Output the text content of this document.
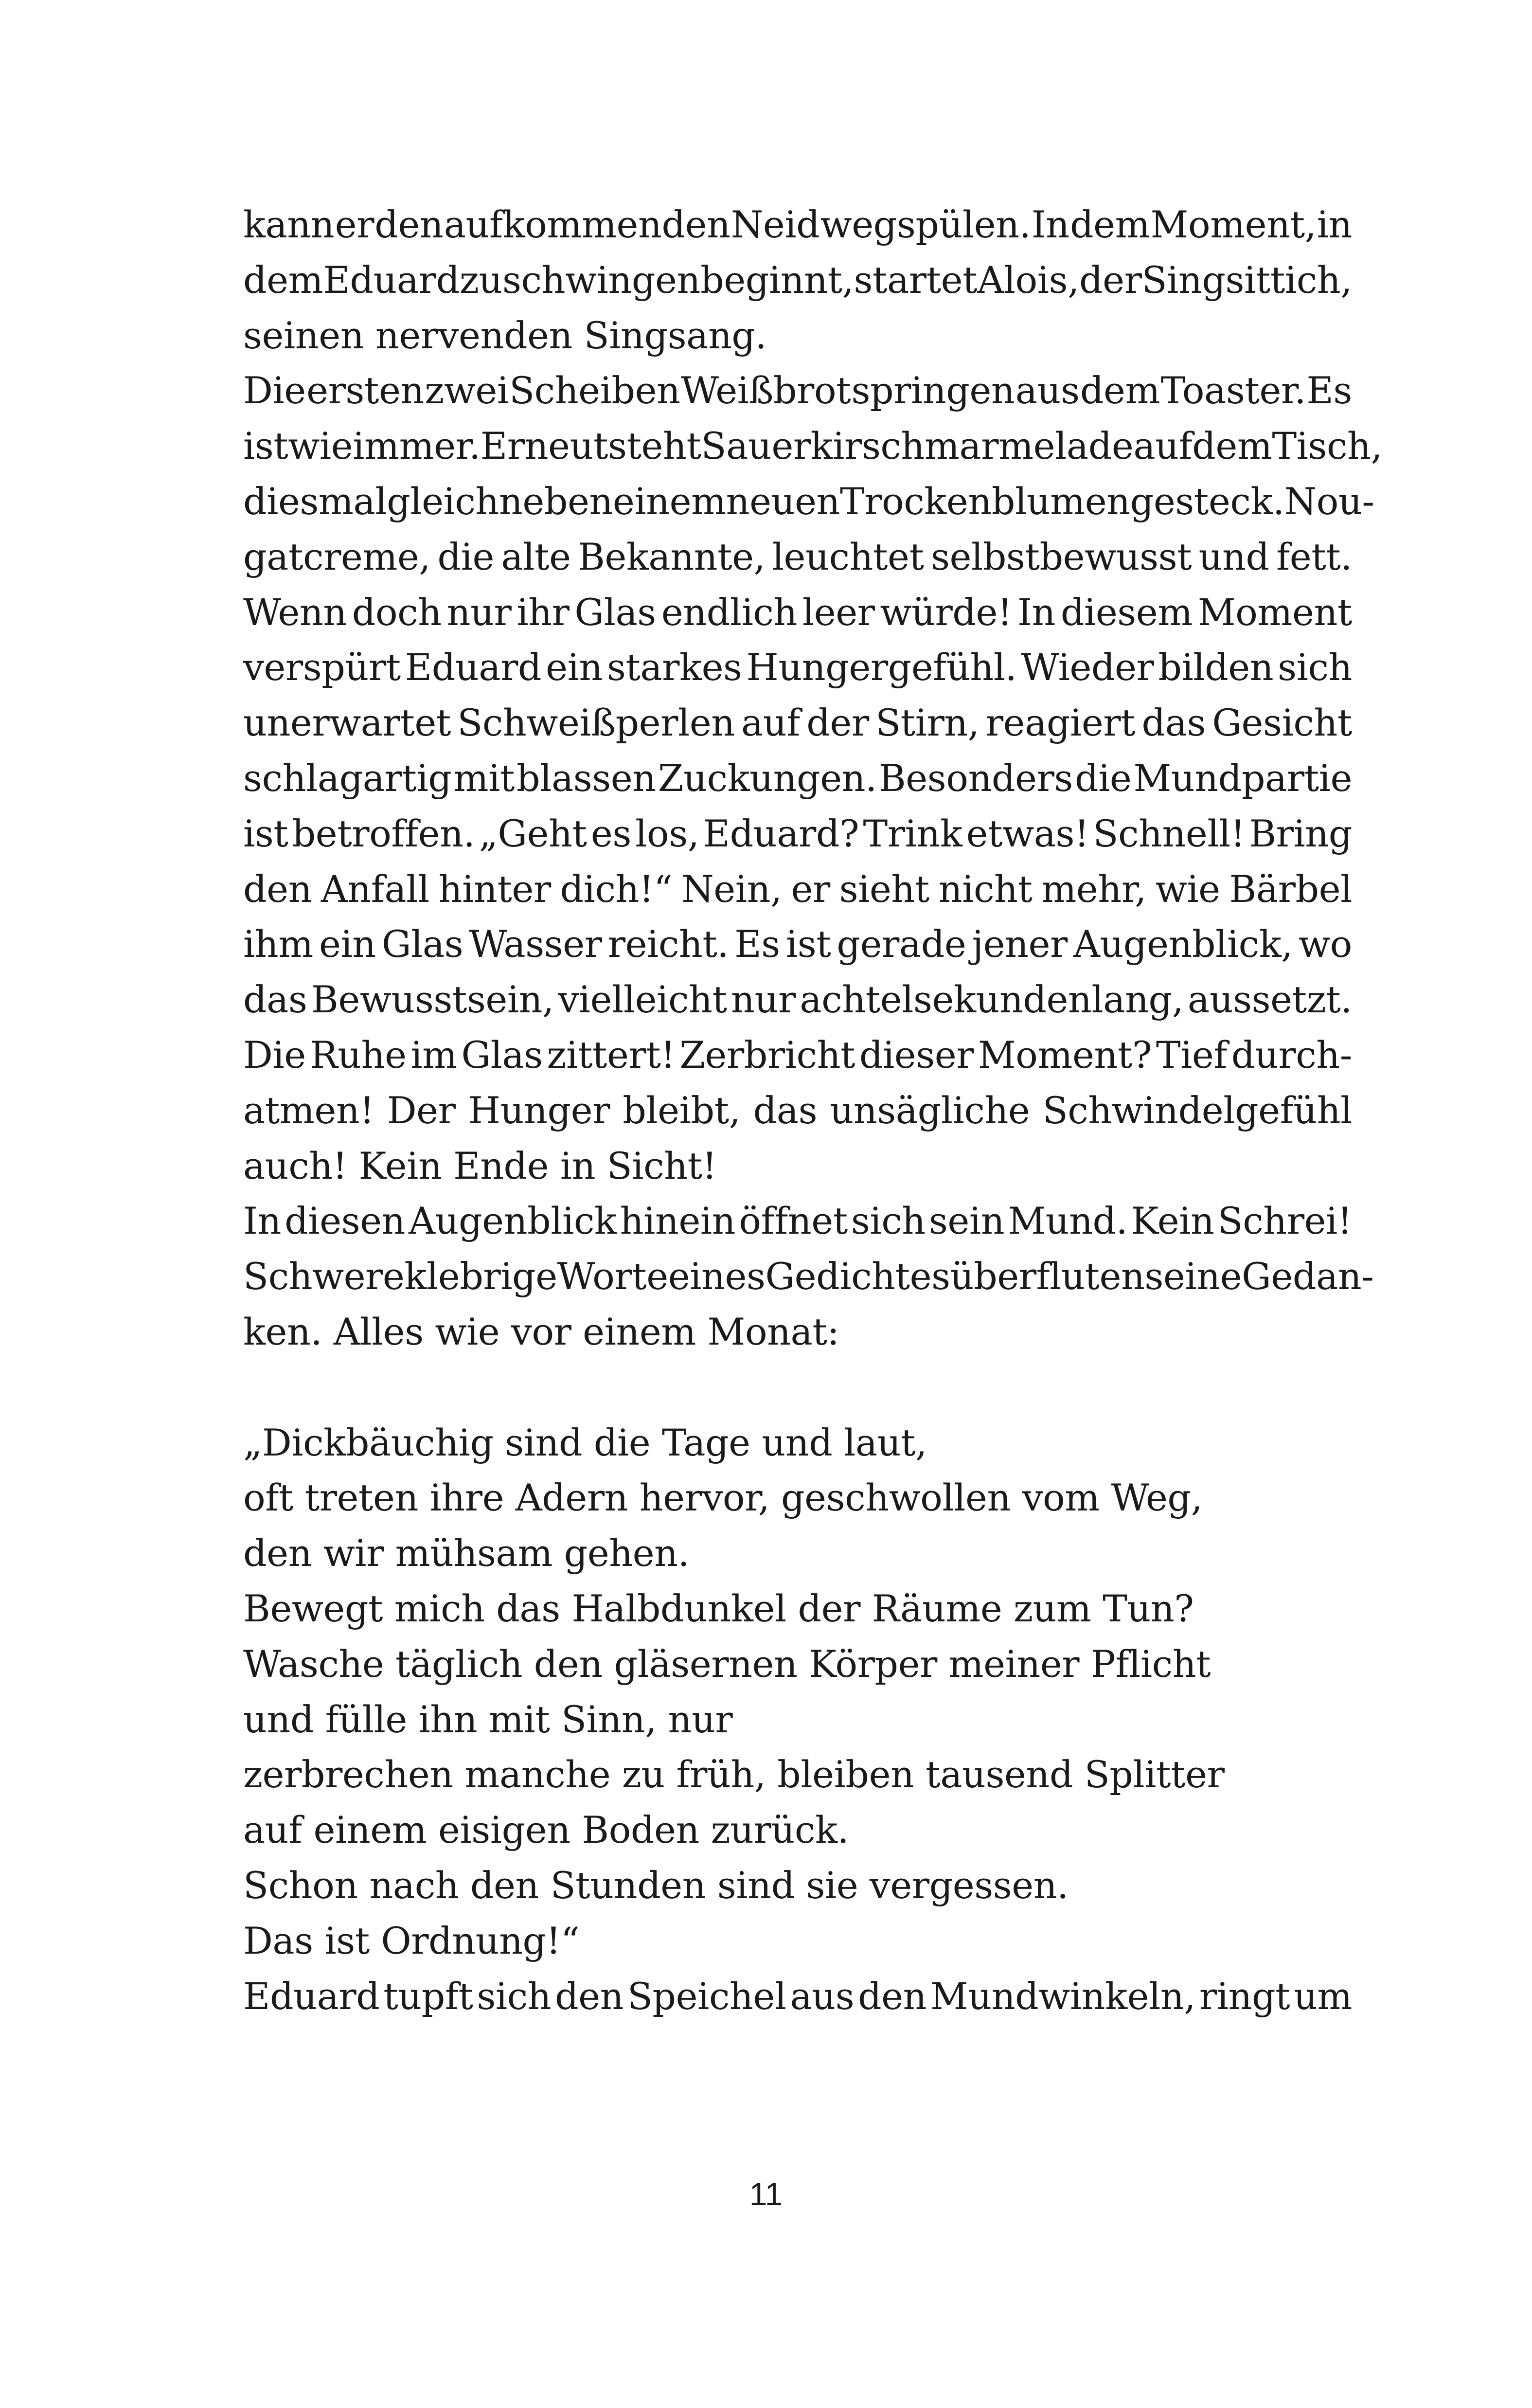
kann er den aufkommenden Neid wegspülen. In dem Moment, in
dem Eduard zu schwingen beginnt, startet Alois, der Singsittich,
seinen nervenden Singsang.
Die ersten zwei Scheiben Weißbrot springen aus dem Toaster. Es
ist wie immer. Erneut steht Sauerkirschmarmelade auf dem Tisch,
diesmal gleich neben einem neuen Trockenblumengesteck. Nou-
gatcreme, die alte Bekannte, leuchtet selbstbewusst und fett.
Wenn doch nur ihr Glas endlich leer würde! In diesem Moment
verspürt Eduard ein starkes Hungergefühl. Wieder bilden sich
unerwartet Schweißperlen auf der Stirn, reagiert das Gesicht
schlagartig mit blassen Zuckungen. Besonders die Mundpartie
ist betroffen. „Geht es los, Eduard? Trink etwas! Schnell! Bring
den Anfall hinter dich!“ Nein, er sieht nicht mehr, wie Bärbel
ihm ein Glas Wasser reicht. Es ist gerade jener Augenblick, wo
das Bewusstsein, vielleicht nur achtelsekundenlang, aussetzt.
Die Ruhe im Glas zittert! Zerbricht dieser Moment? Tief durch-
atmen! Der Hunger bleibt, das unsägliche Schwindelgefühl
auch! Kein Ende in Sicht!
In diesen Augenblick hinein öffnet sich sein Mund. Kein Schrei!
Schwere klebrige Worte eines Gedichtes überfluten seine Gedan-
ken. Alles wie vor einem Monat:
„Dickbäuchig sind die Tage und laut,
oft treten ihre Adern hervor, geschwollen vom Weg,
den wir mühsam gehen.
Bewegt mich das Halbdunkel der Räume zum Tun?
Wasche täglich den gläsernen Körper meiner Pflicht
und fülle ihn mit Sinn, nur
zerbrechen manche zu früh, bleiben tausend Splitter
auf einem eisigen Boden zurück.
Schon nach den Stunden sind sie vergessen.
Das ist Ordnung!“
Eduard tupft sich den Speichel aus den Mundwinkeln, ringt um
11
